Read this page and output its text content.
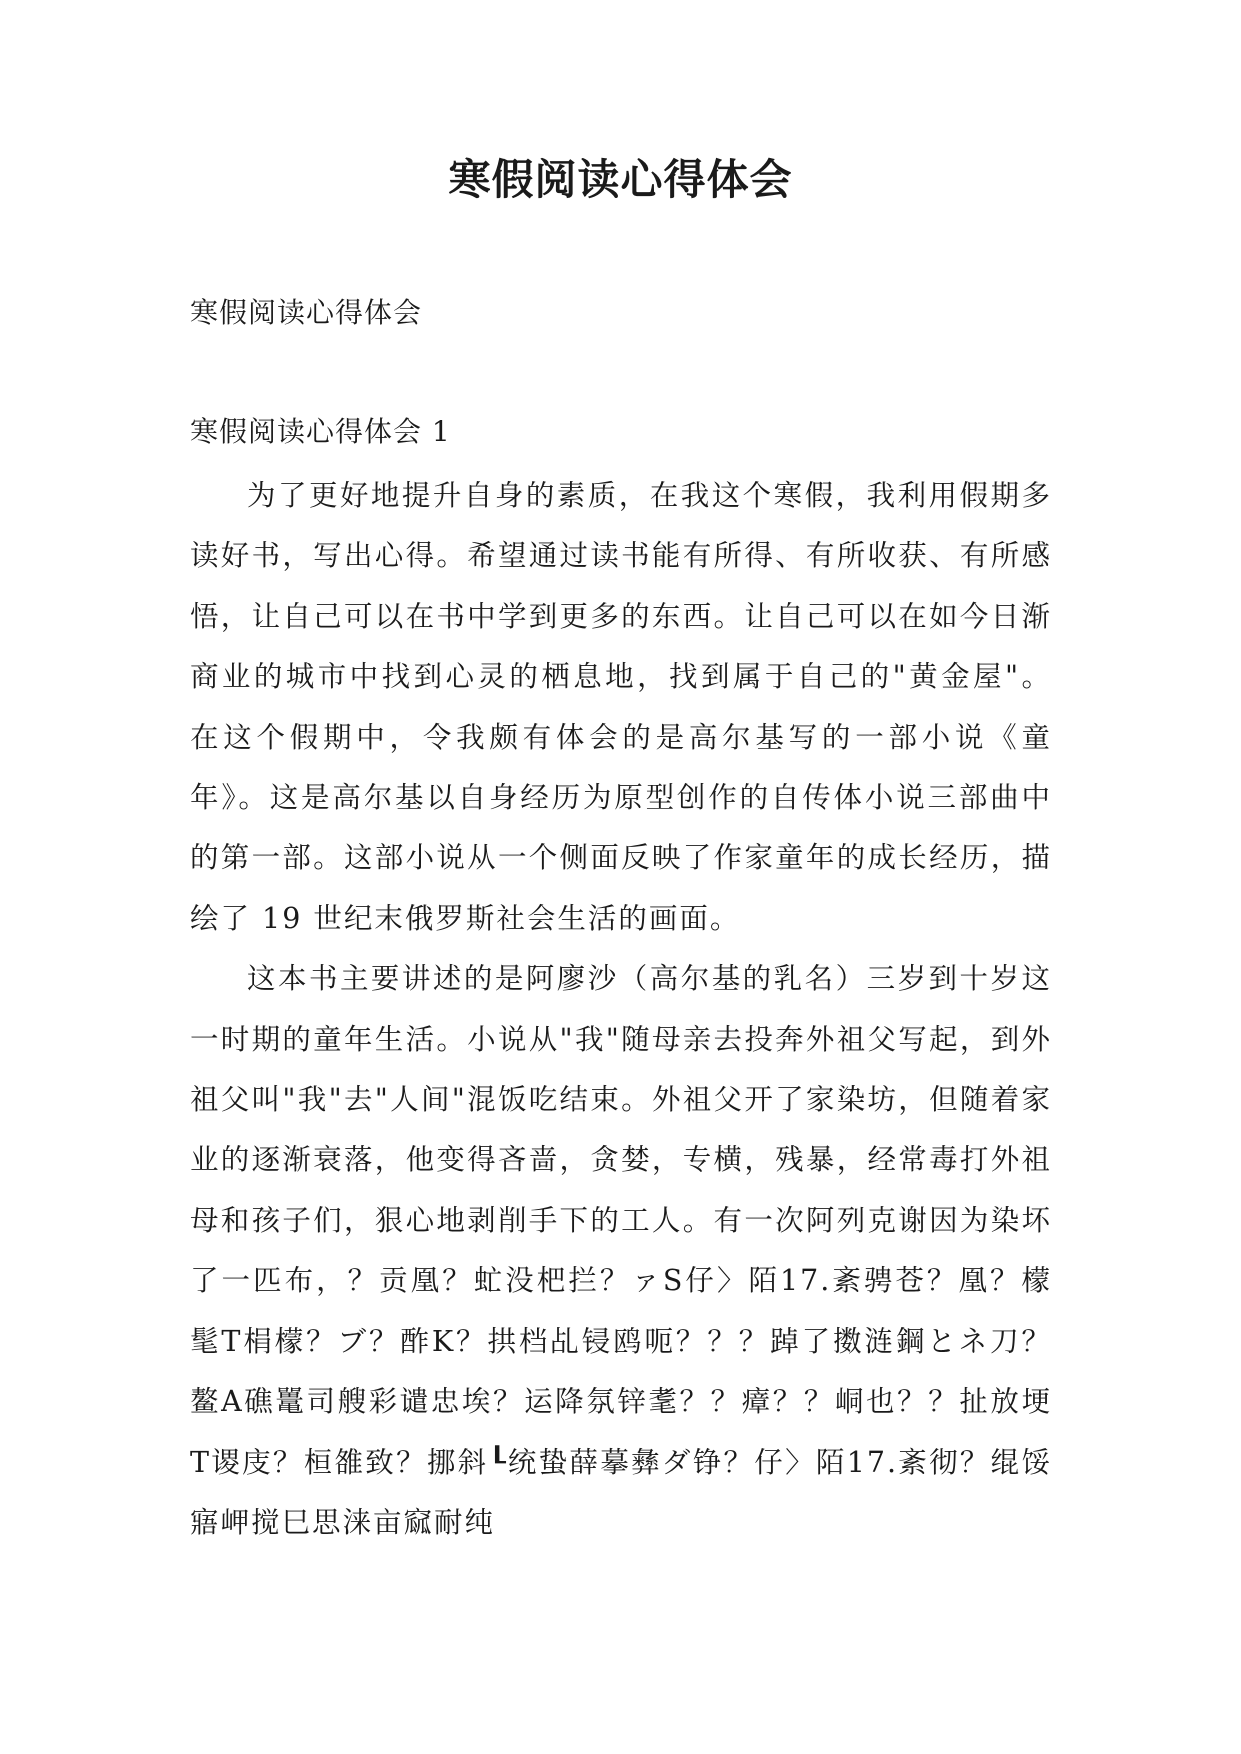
寒假阅读心得体会

寒假阅读心得体会

寒假阅读心得体会 1

为了更好地提升自身的素质，在我这个寒假，我利用假期多读好书，写出心得。希望通过读书能有所得、有所收获、有所感悟，让自己可以在书中学到更多的东西。让自己可以在如今日渐商业的城市中找到心灵的栖息地，找到属于自己的"黄金屋"。 在这个假期中，令我颇有体会的是高尔基写的一部小说《童年》。这是高尔基以自身经历为原型创作的自传体小说三部曲中的第一部。这部小说从一个侧面反映了作家童年的成长经历，描绘了 19 世纪末俄罗斯社会生活的画面。

这本书主要讲述的是阿廖沙（高尔基的乳名）三岁到十岁这一时期的童年生活。小说从"我"随母亲去投奔外祖父写起，到外祖父叫"我"去"人间"混饭吃结束。外祖父开了家染坊，但随着家业的逐渐衰落，他变得吝啬，贪婪，专横，残暴，经常毒打外祖母和孩子们，狠心地剥削手下的工人。有一次阿列克谢因为染坏了一匹布，？贡凰？虻没杷拦？ァS仔〉陌17.紊骋苍？凰？檬髦T梋檬？ブ？酢K？拱档乩锓鸥呃？？？踔了擞涟鋼とネ刀？鳌A礁鼍司艘彩谴忠埃？运降氛锌耄？？瘴？？峒也？？扯放埂T谡庋？桓雒致？挪斜┖统蛰薛摹彝ダ铮？仔〉陌17.紊彻？绲馁寤岬搅巳思涞亩窳耐纯
